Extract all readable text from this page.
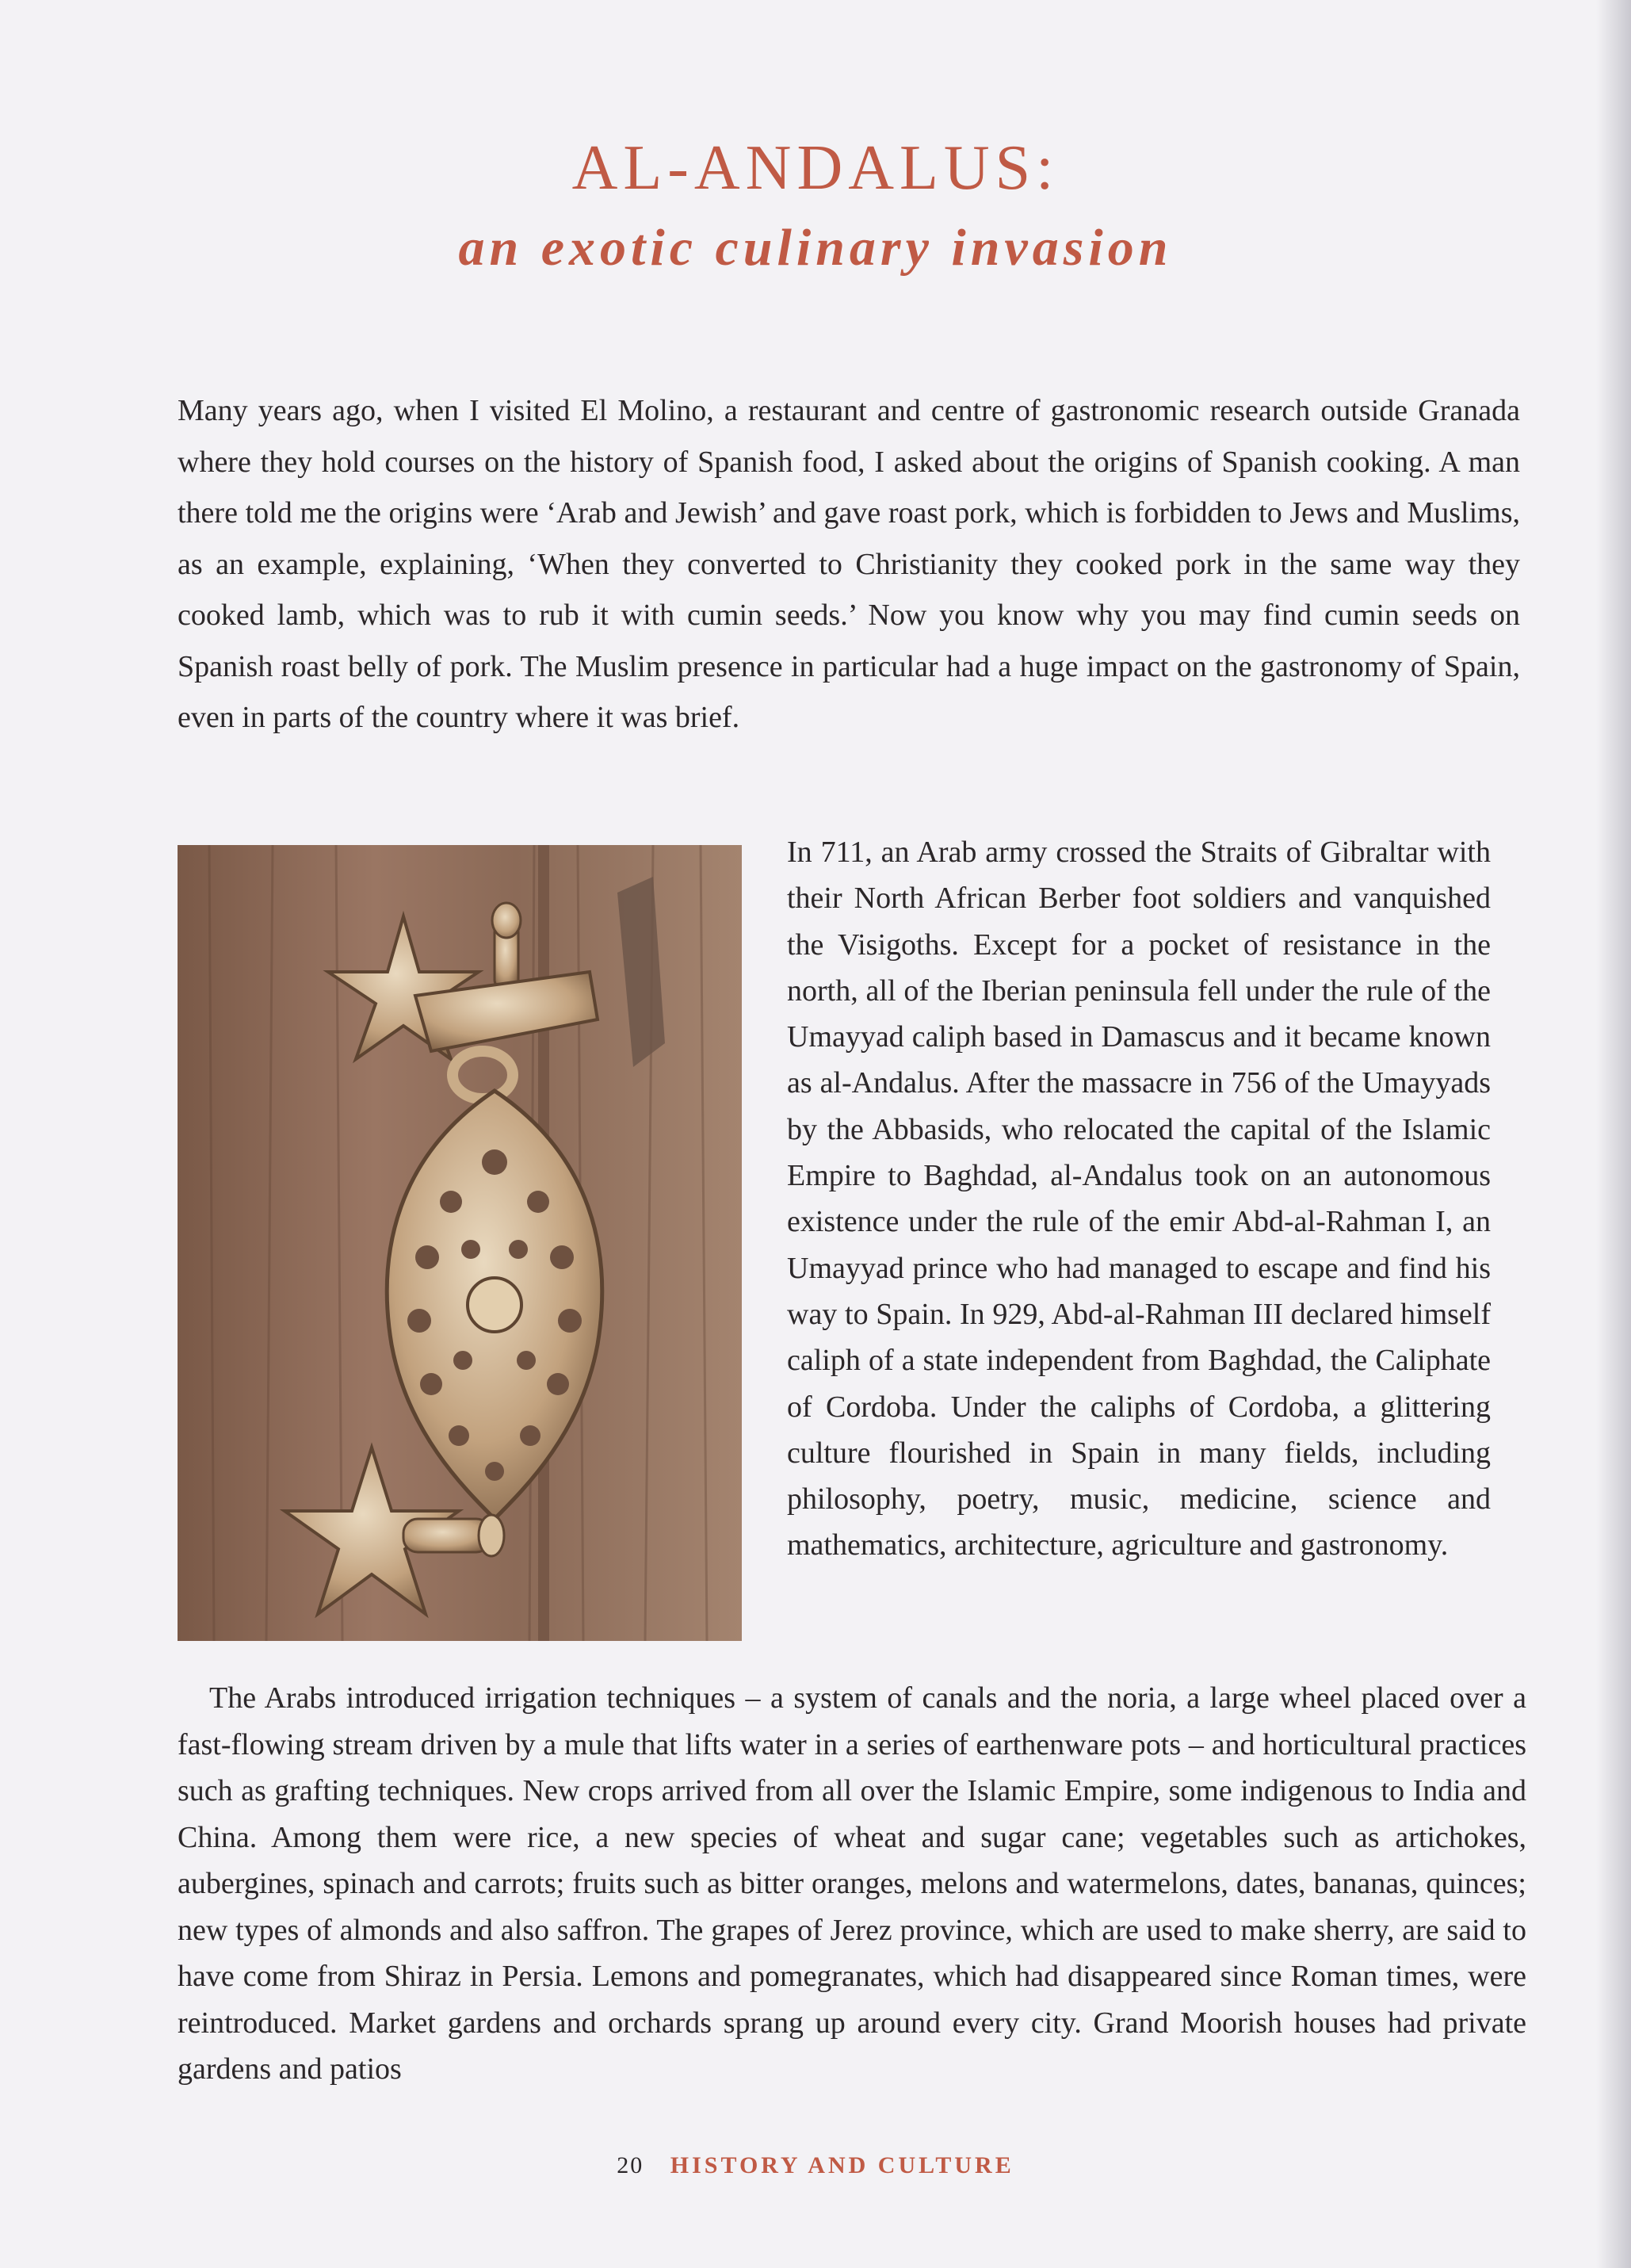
AL-ANDALUS:
an exotic culinary invasion

Many years ago, when I visited El Molino, a restaurant and centre of gastronomic research outside Granada where they hold courses on the history of Spanish food, I asked about the origins of Spanish cooking. A man there told me the origins were ‘Arab and Jewish’ and gave roast pork, which is forbidden to Jews and Muslims, as an example, explaining, ‘When they converted to Christianity they cooked pork in the same way they cooked lamb, which was to rub it with cumin seeds.’ Now you know why you may find cumin seeds on Spanish roast belly of pork. The Muslim presence in particular had a huge impact on the gastronomy of Spain, even in parts of the country where it was brief.

In 711, an Arab army crossed the Straits of Gibraltar with their North African Berber foot soldiers and vanquished the Visigoths. Except for a pocket of resistance in the north, all of the Iberian peninsula fell under the rule of the Umayyad caliph based in Damascus and it became known as al-Andalus. After the massacre in 756 of the Umayyads by the Abbasids, who relocated the capital of the Islamic Empire to Baghdad, al-Andalus took on an autonomous existence under the rule of the emir Abd-al-Rahman I, an Umayyad prince who had managed to escape and find his way to Spain. In 929, Abd-al-Rahman III declared himself caliph of a state independent from Baghdad, the Caliphate of Cordoba. Under the caliphs of Cordoba, a glittering culture flourished in Spain in many fields, including philosophy, poetry, music, medicine, science and mathematics, architecture, agriculture and gastronomy.

The Arabs introduced irrigation techniques – a system of canals and the noria, a large wheel placed over a fast-flowing stream driven by a mule that lifts water in a series of earthenware pots – and horticultural practices such as grafting techniques. New crops arrived from all over the Islamic Empire, some indigenous to India and China. Among them were rice, a new species of wheat and sugar cane; vegetables such as artichokes, aubergines, spinach and carrots; fruits such as bitter oranges, melons and watermelons, dates, bananas, quinces; new types of almonds and also saffron. The grapes of Jerez province, which are used to make sherry, are said to have come from Shiraz in Persia. Lemons and pomegranates, which had disappeared since Roman times, were reintroduced. Market gardens and orchards sprang up around every city. Grand Moorish houses had private gardens and patios

20 HISTORY AND CULTURE
